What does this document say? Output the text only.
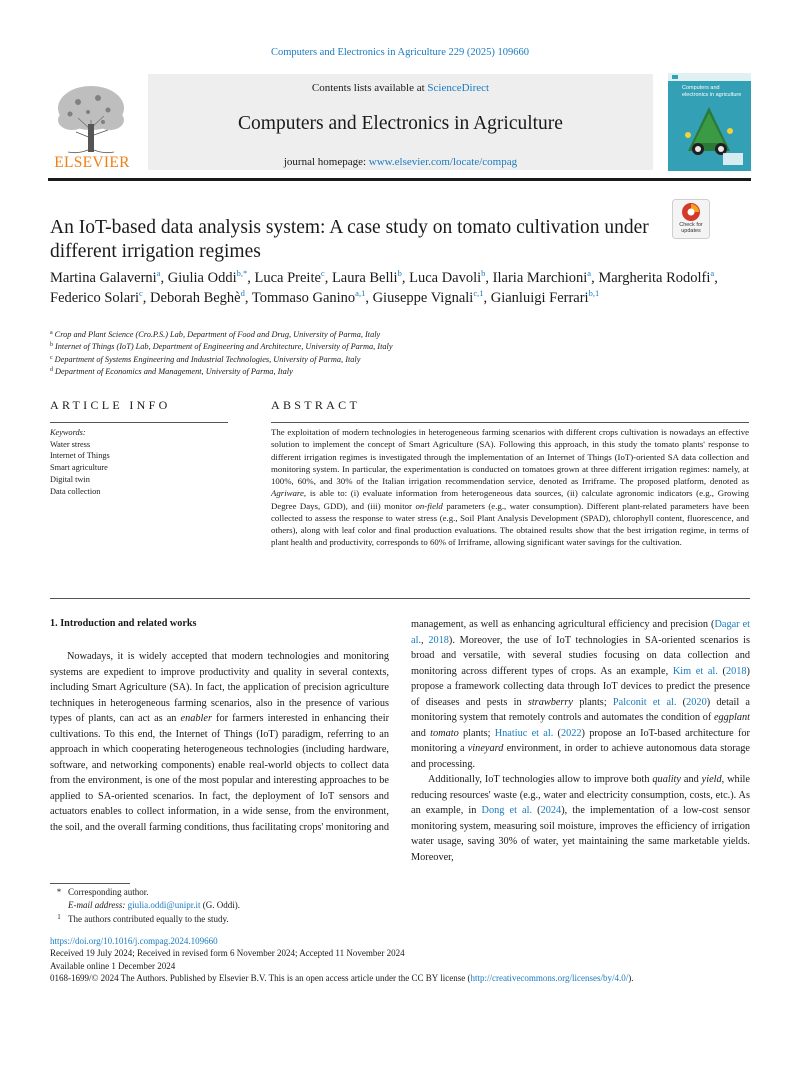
Computers and Electronics in Agriculture 229 (2025) 109660
Contents lists available at ScienceDirect
Computers and Electronics in Agriculture
journal homepage: www.elsevier.com/locate/compag
ELSEVIER
Computers and electronics in agriculture
An IoT-based data analysis system: A case study on tomato cultivation under different irrigation regimes
Check for updates
Martina Galaverni$^a$, Giulia Oddi$^{b,*}$, Luca Preite$^c$, Laura Belli$^b$, Luca Davoli$^b$, Ilaria Marchioni$^a$, Margherita Rodolfi$^a$, Federico Solari$^c$, Deborah Beghè$^d$, Tommaso Ganino$^{a,1}$, Giuseppe Vignali$^{c,1}$, Gianluigi Ferrari$^{b,1}$
$^a$ Crop and Plant Science (Cro.P.S.) Lab, Department of Food and Drug, University of Parma, Italy
$^b$ Internet of Things (IoT) Lab, Department of Engineering and Architecture, University of Parma, Italy
$^c$ Department of Systems Engineering and Industrial Technologies, University of Parma, Italy
$^d$ Department of Economics and Management, University of Parma, Italy
ARTICLE INFO	ABSTRACT
Keywords:
Water stress
Internet of Things
Smart agriculture
Digital twin
Data collection
The exploitation of modern technologies in heterogeneous farming scenarios with different crops cultivation is nowadays an effective solution to implement the concept of Smart Agriculture (SA). Following this approach, in this study the tomato plants' response to different irrigation regimes is investigated through the implementation of an Internet of Things (IoT)-oriented SA data collection and monitoring system. In particular, the experimentation is conducted on tomatoes grown at three different irrigation regimes: namely, at 100%, 60%, and 30% of the Italian irrigation recommendation service, denoted as Irriframe. The proposed platform, denoted as Agriware, is able to: (i) evaluate information from heterogeneous data sources, (ii) calculate agronomic indicators (e.g., Growing Degree Days, GDD), and (iii) monitor on-field parameters (e.g., water consumption). Different plant-related parameters have been collected to assess the response to water stress (e.g., Soil Plant Analysis Development (SPAD), chlorophyll content, fluorescence, and others), along with leaf color and final production evaluations. The obtained results show that the best irrigation regime, in terms of plant health and productivity, corresponds to 60% of Irriframe, allowing significant water savings for the cultivation.
1. Introduction and related works
Nowadays, it is widely accepted that modern technologies and monitoring systems are expedient to improve productivity and quality in several contexts, including Smart Agriculture (SA). In fact, the application of precision agriculture techniques in heterogeneous farming scenarios, also in the presence of various types of plants, can act as an enabler for farmers interested in enhancing their cultivations. To this end, the Internet of Things (IoT) paradigm, referring to an approach in which cooperating heterogeneous technologies (including hardware, software, and networking components) enable real-world objects to collect data from the environment, is one of the most popular and interesting approaches to be applied to SA-oriented scenarios. In fact, the deployment of IoT sensors and actuators enables to collect information, in a wide sense, from the environment, the soil, and the overall farming conditions, thus facilitating crops' monitoring and
management, as well as enhancing agricultural efficiency and precision (Dagar et al., 2018). Moreover, the use of IoT technologies in SA-oriented scenarios is broad and versatile, with several studies focusing on data collection and monitoring across different types of crops. As an example, Kim et al. (2018) propose a framework collecting data through IoT devices to predict the presence of diseases and pests in strawberry plants; Palconit et al. (2020) detail a monitoring system that remotely controls and automates the condition of eggplant and tomato plants; Hnatiuc et al. (2022) propose an IoT-based architecture for monitoring a vineyard environment, in order to achieve autonomous data storage and processing.
Additionally, IoT technologies allow to improve both quality and yield, while reducing resources' waste (e.g., water and electricity consumption, costs, etc.). As an example, in Dong et al. (2024), the implementation of a low-cost sensor monitoring system, measuring soil moisture, improves the efficiency of irrigation water usage, saving 30% of water, yet maintaining the same marketable yields. Moreover,
* Corresponding author.
E-mail address: giulia.oddi@unipr.it (G. Oddi).
1 The authors contributed equally to the study.
https://doi.org/10.1016/j.compag.2024.109660
Received 19 July 2024; Received in revised form 6 November 2024; Accepted 11 November 2024
Available online 1 December 2024
0168-1699/© 2024 The Authors. Published by Elsevier B.V. This is an open access article under the CC BY license (http://creativecommons.org/licenses/by/4.0/).
